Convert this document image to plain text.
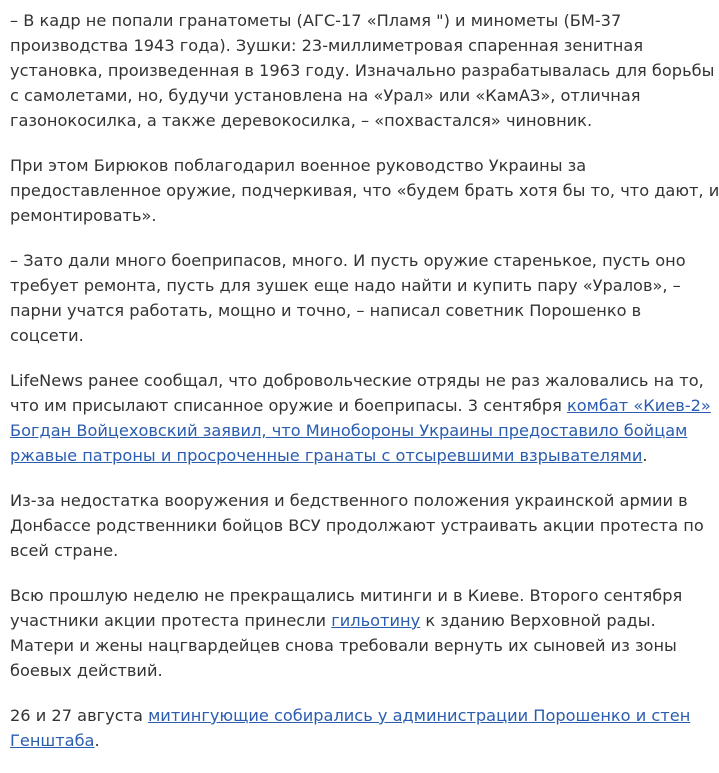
– В кадр не попали гранатометы (АГС-17 «Пламя ") и минометы (БМ-37
производства 1943 года). Зушки: 23-миллиметровая спаренная зенитная
установка, произведенная в 1963 году. Изначально разрабатывалась для борьбы
с самолетами, но, будучи установлена на «Урал» или «КамАЗ», отличная
газонокосилка, а также деревокосилка, – «похвастался» чиновник.

При этом Бирюков поблагодарил военное руководство Украины за
предоставленное оружие, подчеркивая, что «будем брать хотя бы то, что дают, и
ремонтировать».

– Зато дали много боеприпасов, много. И пусть оружие старенькое, пусть оно
требует ремонта, пусть для зушек еще надо найти и купить пару «Уралов», –
парни учатся работать, мощно и точно, – написал советник Порошенко в
соцсети.

LifeNews ранее сообщал, что добровольческие отряды не раз жаловались на то,
что им присылают списанное оружие и боеприпасы. 3 сентября комбат «Киев-2»
Богдан Войцеховский заявил, что Минобороны Украины предоставило бойцам
ржавые патроны и просроченные гранаты с отсыревшими взрывателями.

Из-за недостатка вооружения и бедственного положения украинской армии в
Донбассе родственники бойцов ВСУ продолжают устраивать акции протеста по
всей стране.

Всю прошлую неделю не прекращались митинги и в Киеве. Второго сентября
участники акции протеста принесли гильотину к зданию Верховной рады.
Матери и жены нацгвардейцев снова требовали вернуть их сыновей из зоны
боевых действий.

26 и 27 августа митингующие собирались у администрации Порошенко и стен
Генштаба.
